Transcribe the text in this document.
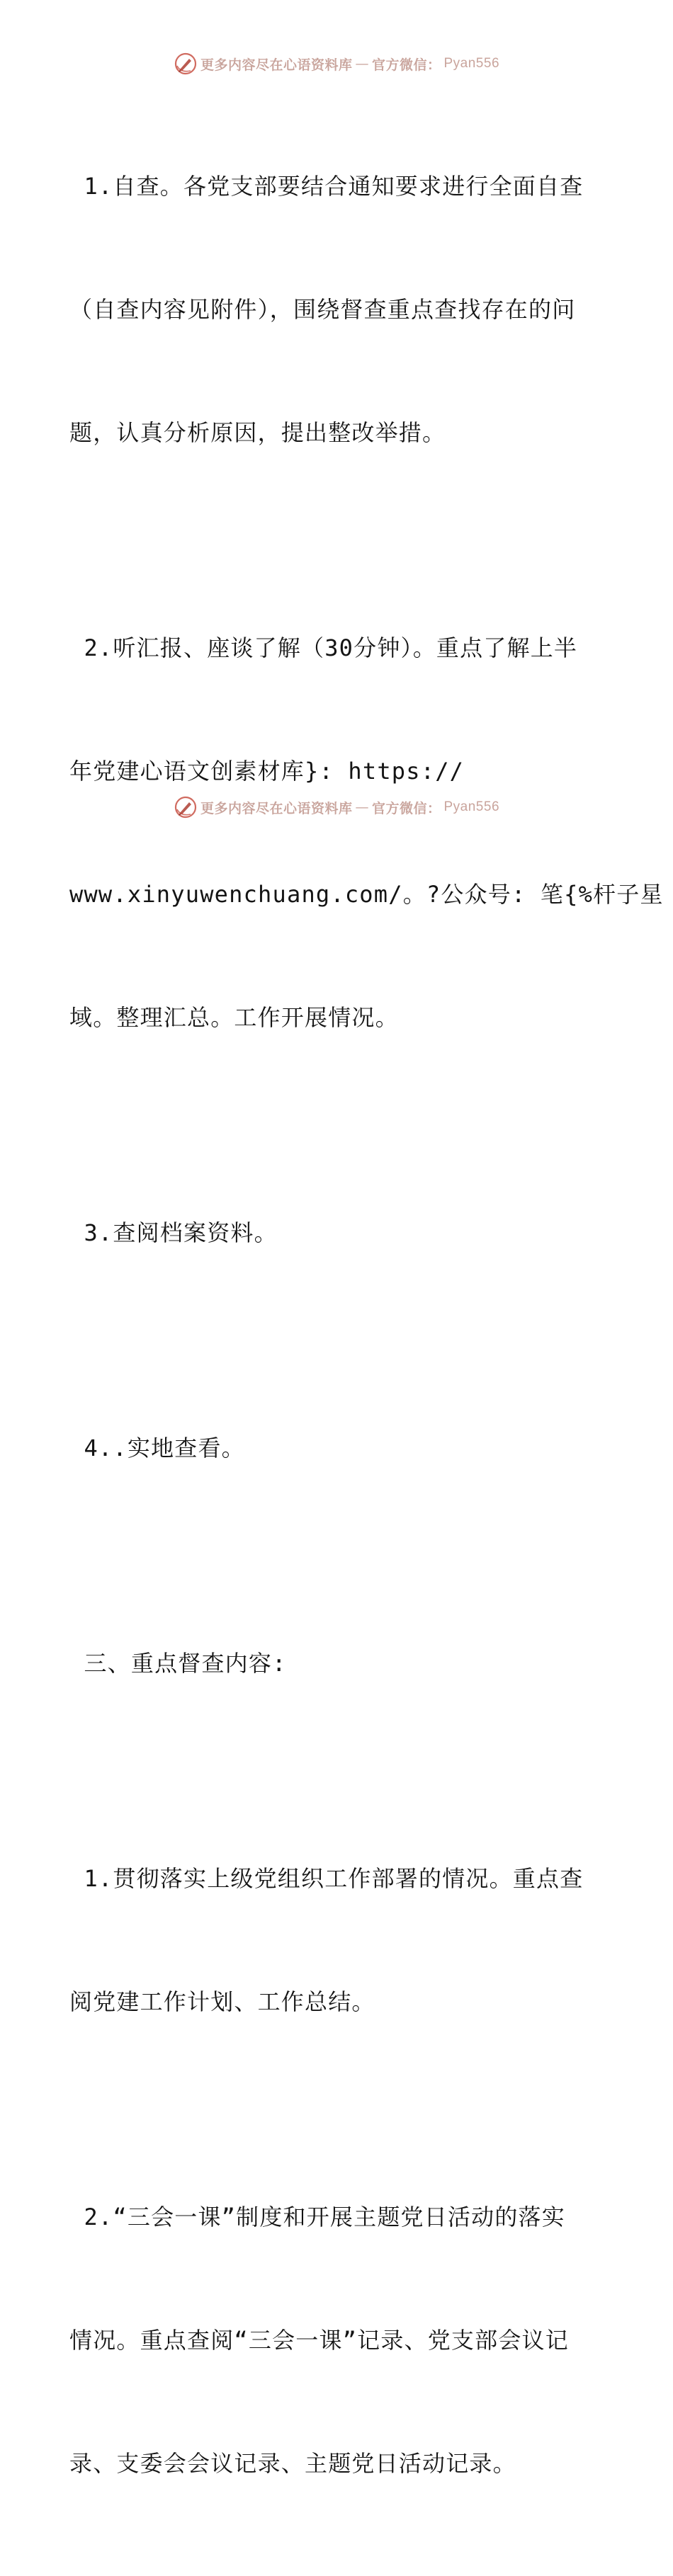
更多内容尽在心语资料库 — 官方微信： Pyan556

1.自查。各党支部要结合通知要求进行全面自查

（自查内容见附件），围绕督查重点查找存在的问

题，认真分析原因，提出整改举措。

2.听汇报、座谈了解（30分钟）。重点了解上半

年党建心语文创素材库}: https://

www.xinyuwenchuang.com/。?公众号: 笔{%杆子星

域。整理汇总。工作开展情况。

3.查阅档案资料。

4..实地查看。

三、重点督查内容:

1.贯彻落实上级党组织工作部署的情况。重点查

阅党建工作计划、工作总结。

2.“三会一课”制度和开展主题党日活动的落实

情况。重点查阅“三会一课”记录、党支部会议记

录、支委会会议记录、主题党日活动记录。

更多内容尽在心语资料库 — 官方微信： Pyan556
